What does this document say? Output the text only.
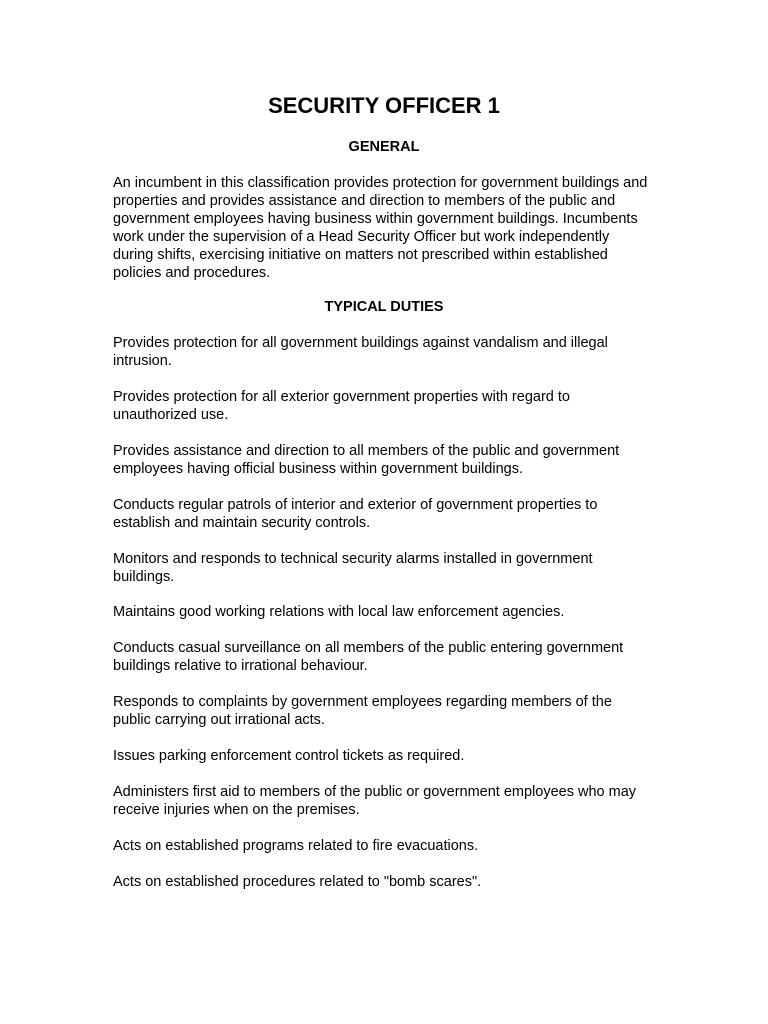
SECURITY OFFICER 1
GENERAL

An incumbent in this classification provides protection for government buildings and properties and provides assistance and direction to members of the public and government employees having business within government buildings. Incumbents work under the supervision of a Head Security Officer but work independently during shifts, exercising initiative on matters not prescribed within established policies and procedures.

TYPICAL DUTIES

Provides protection for all government buildings against vandalism and illegal intrusion.

Provides protection for all exterior government properties with regard to unauthorized use.

Provides assistance and direction to all members of the public and government employees having official business within government buildings.

Conducts regular patrols of interior and exterior of government properties to establish and maintain security controls.

Monitors and responds to technical security alarms installed in government buildings.

Maintains good working relations with local law enforcement agencies.

Conducts casual surveillance on all members of the public entering government buildings relative to irrational behaviour.

Responds to complaints by government employees regarding members of the public carrying out irrational acts.

Issues parking enforcement control tickets as required.

Administers first aid to members of the public or government employees who may receive injuries when on the premises.

Acts on established programs related to fire evacuations.

Acts on established procedures related to "bomb scares".
